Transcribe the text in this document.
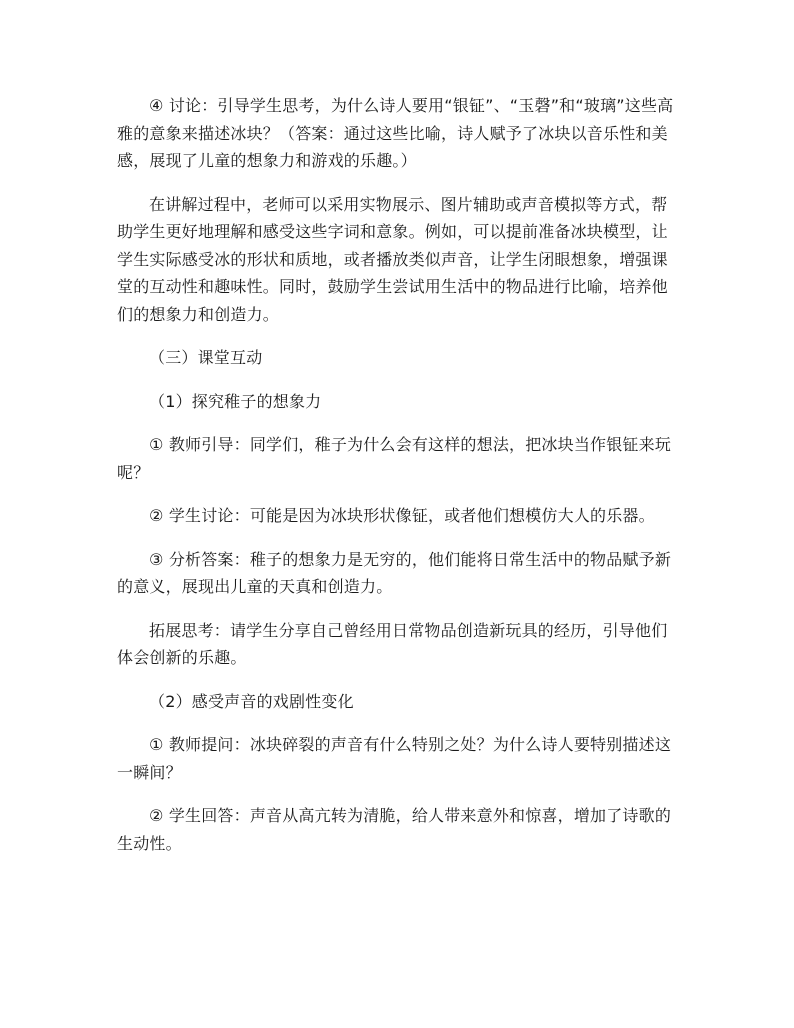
④ 讨论：引导学生思考，为什么诗人要用“银钲”、“玉磬”和“玻璃”这些高雅的意象来描述冰块？（答案：通过这些比喻，诗人赋予了冰块以音乐性和美感，展现了儿童的想象力和游戏的乐趣。）

在讲解过程中，老师可以采用实物展示、图片辅助或声音模拟等方式，帮助学生更好地理解和感受这些字词和意象。例如，可以提前准备冰块模型，让学生实际感受冰的形状和质地，或者播放类似声音，让学生闭眼想象，增强课堂的互动性和趣味性。同时，鼓励学生尝试用生活中的物品进行比喻，培养他们的想象力和创造力。

（三）课堂互动

（1）探究稚子的想象力

① 教师引导：同学们，稚子为什么会有这样的想法，把冰块当作银钲来玩呢？

② 学生讨论：可能是因为冰块形状像钲，或者他们想模仿大人的乐器。

③ 分析答案：稚子的想象力是无穷的，他们能将日常生活中的物品赋予新的意义，展现出儿童的天真和创造力。

拓展思考：请学生分享自己曾经用日常物品创造新玩具的经历，引导他们体会创新的乐趣。

（2）感受声音的戏剧性变化

① 教师提问：冰块碎裂的声音有什么特别之处？为什么诗人要特别描述这一瞬间？

② 学生回答：声音从高亢转为清脆，给人带来意外和惊喜，增加了诗歌的生动性。
